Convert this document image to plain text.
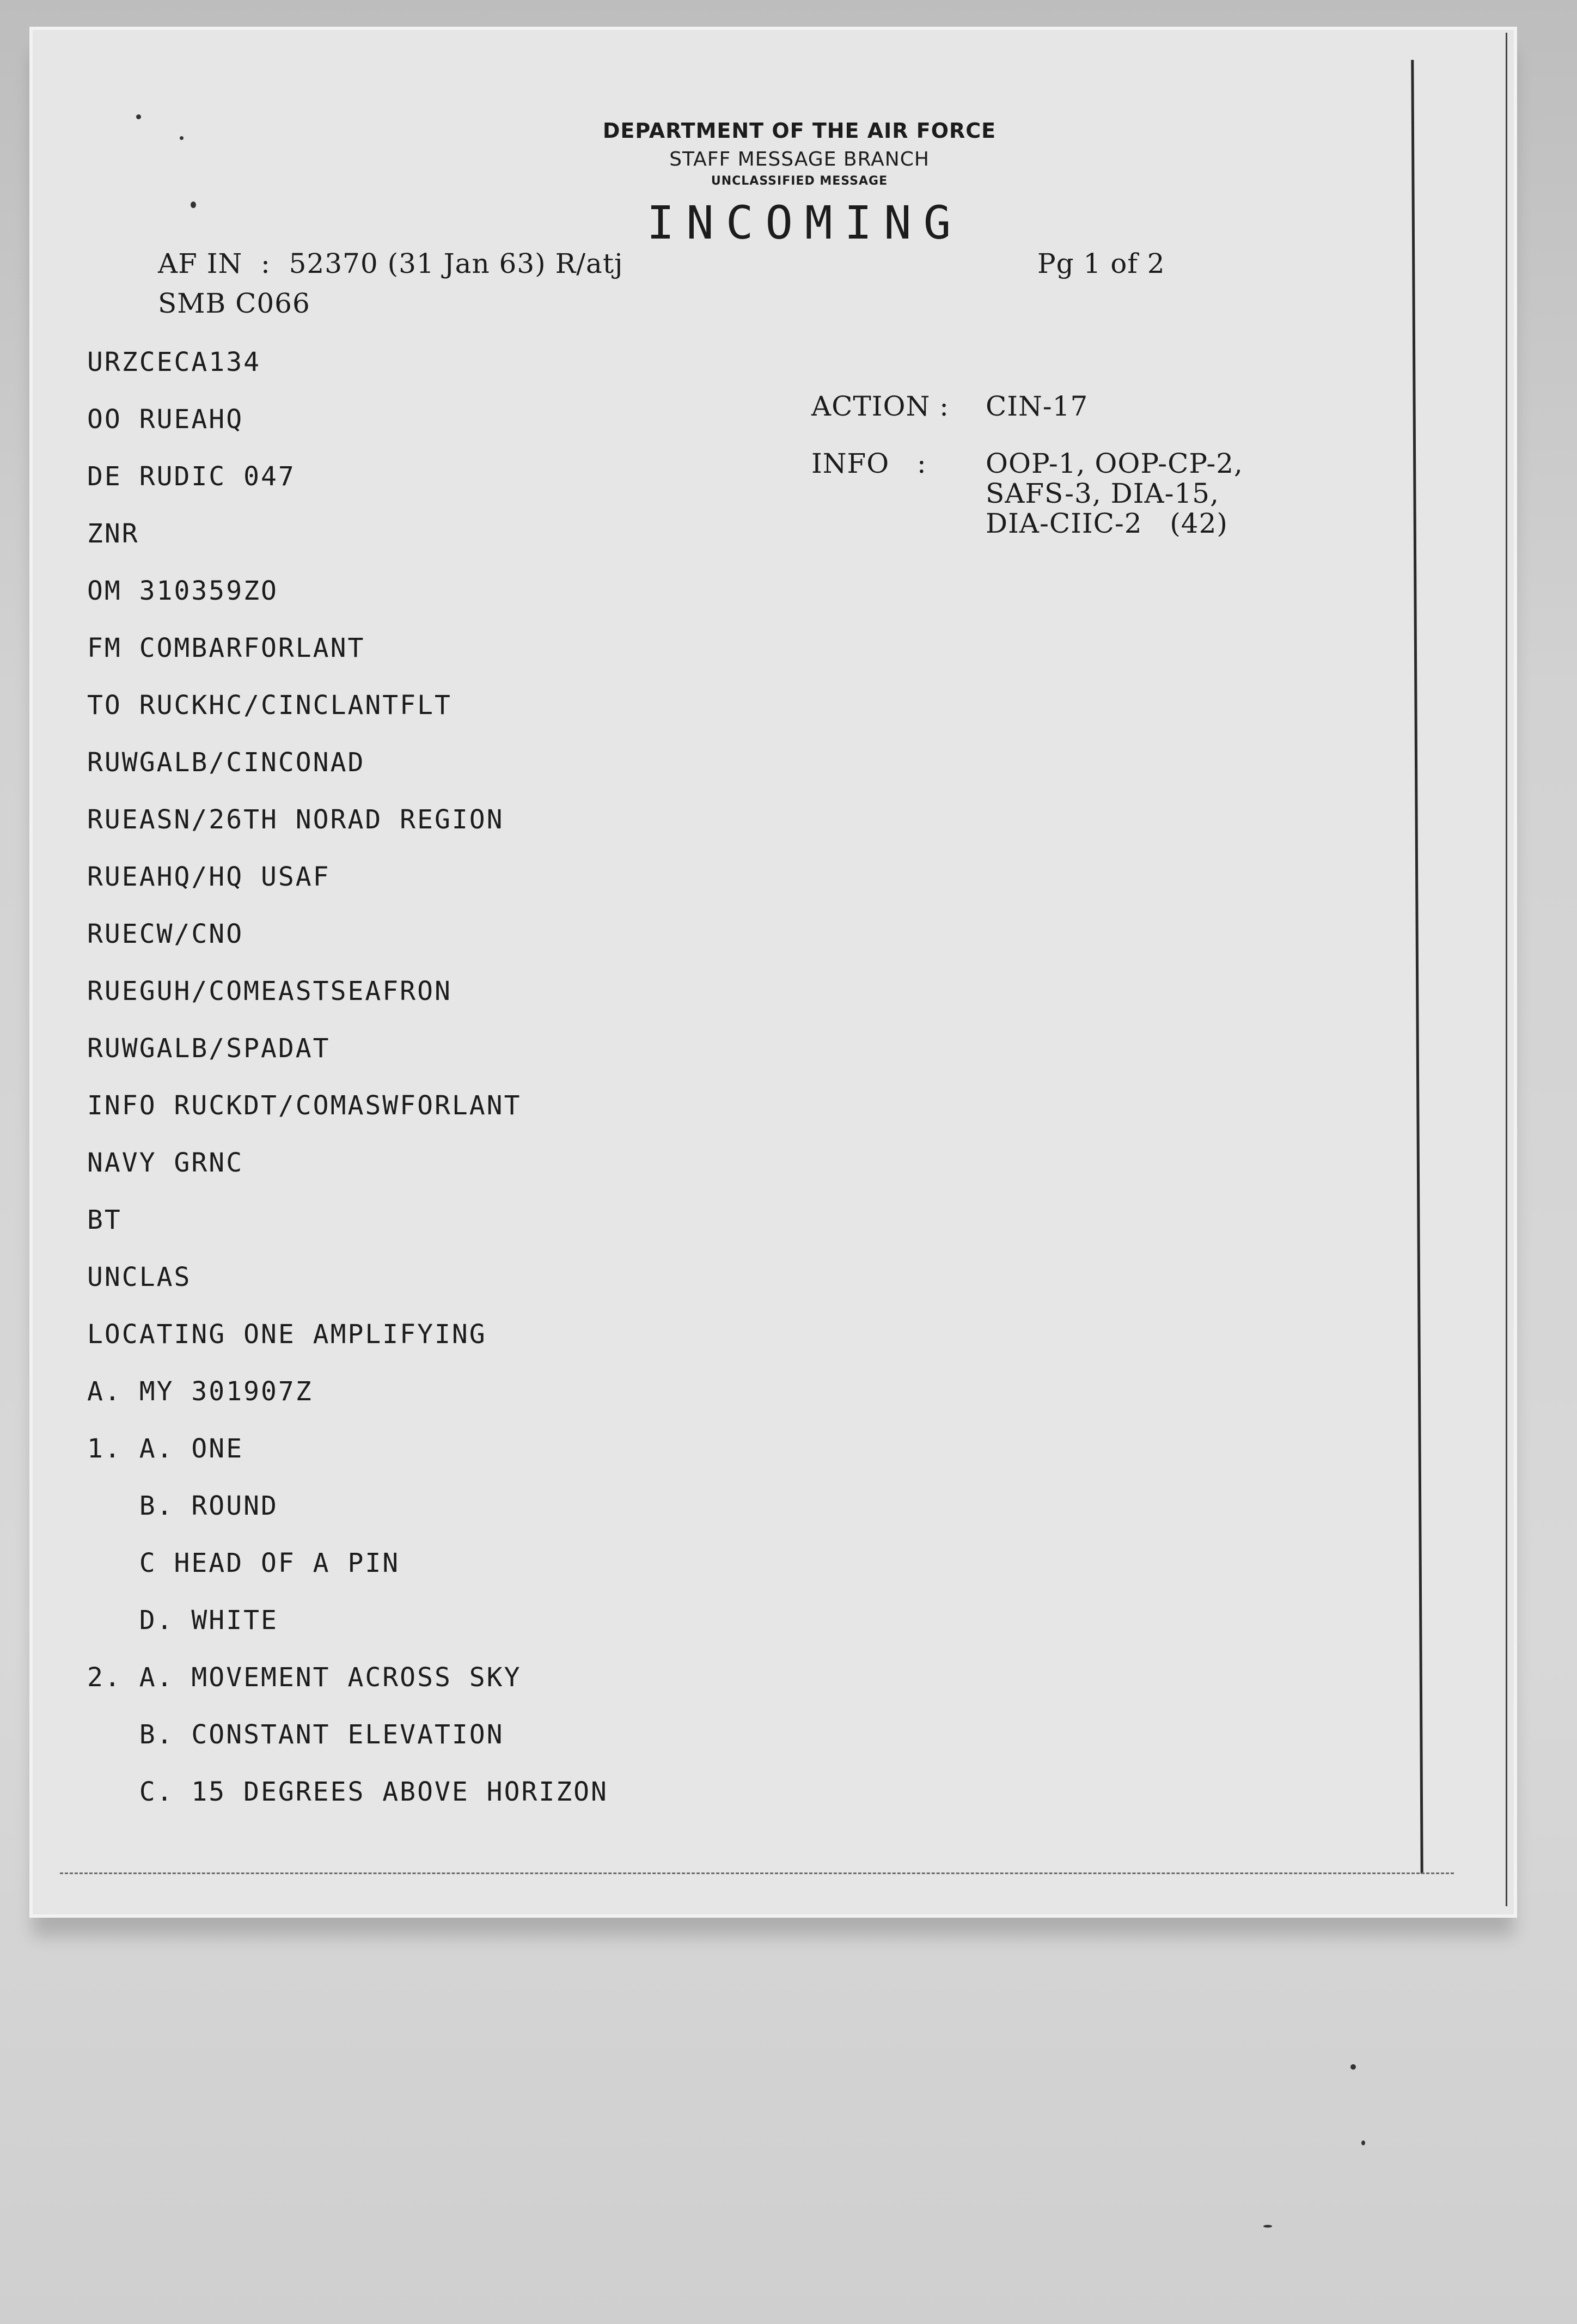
DEPARTMENT OF THE AIR FORCE
STAFF MESSAGE BRANCH
UNCLASSIFIED MESSAGE
INCOMING
AF IN  :  52370 (31 Jan 63) R/atj
SMB C066
Pg 1 of 2
ACTION : CIN-17
INFO   : OOP-1, OOP-CP-2,
SAFS-3, DIA-15,
DIA-CIIC-2   (42)
URZCECA134
OO RUEAHQ
DE RUDIC 047
ZNR
OM 310359ZO
FM COMBARFORLANT
TO RUCKHC/CINCLANTFLT
RUWGALB/CINCONAD
RUEASN/26TH NORAD REGION
RUEAHQ/HQ USAF
RUECW/CNO
RUEGUH/COMEASTSEAFRON
RUWGALB/SPADAT
INFO RUCKDT/COMASWFORLANT
NAVY GRNC
BT
UNCLAS
LOCATING ONE AMPLIFYING
A. MY 301907Z
1. A. ONE
B. ROUND
C HEAD OF A PIN
D. WHITE
2. A. MOVEMENT ACROSS SKY
B. CONSTANT ELEVATION
C. 15 DEGREES ABOVE HORIZON
